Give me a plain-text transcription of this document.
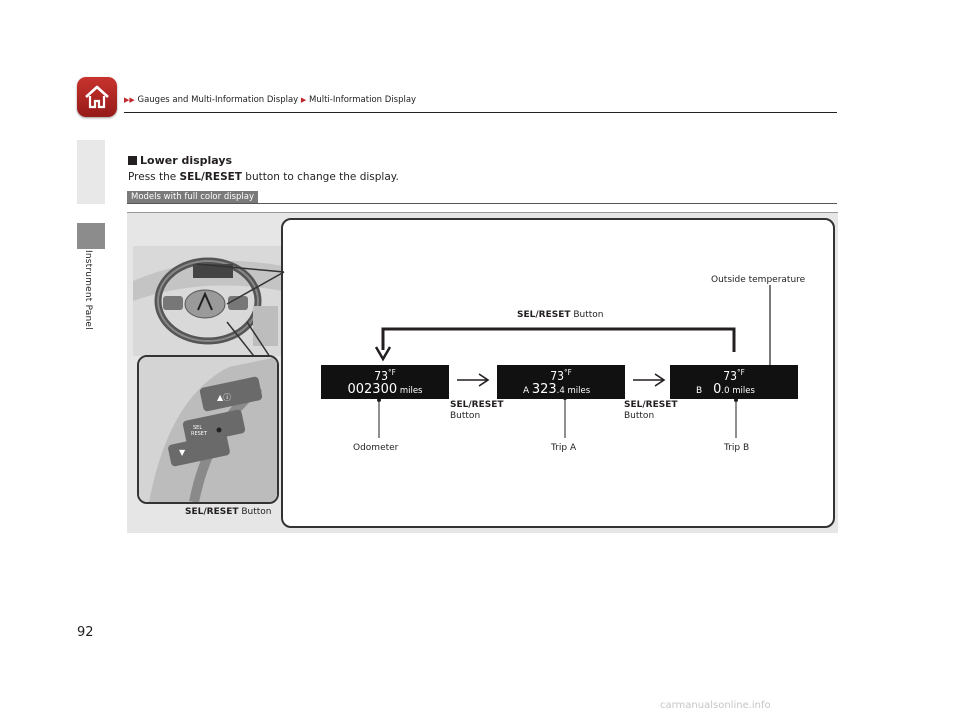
▶▶ Gauges and Multi-Information Display ▶ Multi-Information Display
Instrument Panel
Lower displays
Press the SEL/RESET button to change the display.
Models with full color display
▲ⓘ
SEL
RESET
▼
$73^{^\circ F}$
002300 miles
$73^{^\circ F}$
A 323.4 miles
$73^{^\circ F}$
B 0.0 miles
SEL/RESET Button
Outside temperature
SEL/RESET
Button
SEL/RESET
Button
Odometer	Trip A	Trip B
SEL/RESET Button
92
carmanualsonline.info
